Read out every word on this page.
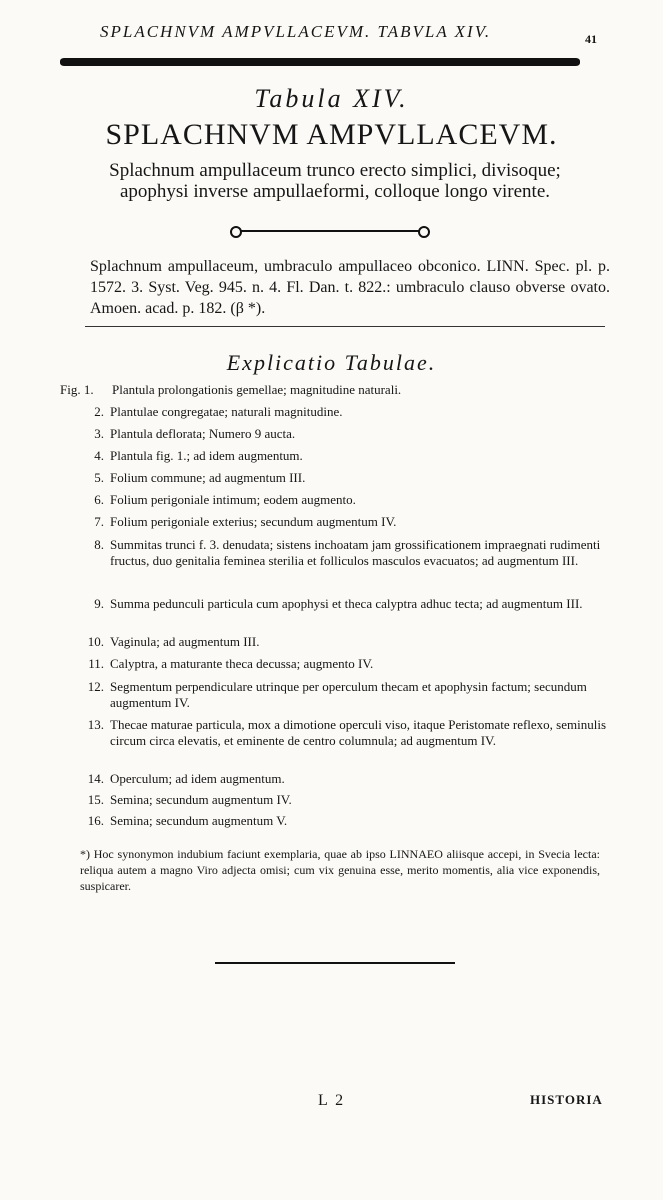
SPLACHNVM AMPVLLACEVM. TABVLA XIV.	41
Tabula XIV.
SPLACHNVM AMPVLLACEVM.
Splachnum ampullaceum trunco erecto simplici, divisoque; apophysi inverse ampullaeformi, colloque longo virente.
Splachnum ampullaceum, umbraculo ampullaceo obconico. LINN. Spec. pl. p. 1572. 3. Syst. Veg. 945. n. 4. Fl. Dan. t. 822.: umbraculo clauso obverse ovato. Amoen. acad. p. 182. (β *).
Explicatio Tabulae.
Fig. 1.	Plantula prolongationis gemellae; magnitudine naturali.
2. Plantulae congregatae; naturali magnitudine.
3. Plantula deflorata; Numero 9 aucta.
4. Plantula fig. 1.; ad idem augmentum.
5. Folium commune; ad augmentum III.
6. Folium perigoniale intimum; eodem augmento.
7. Folium perigoniale exterius; secundum augmentum IV.
8. Summitas trunci f. 3. denudata; sistens inchoatam jam grossificationem impraegnati rudimenti fructus, duo genitalia feminea sterilia et folliculos masculos evacuatos; ad augmentum III.
9. Summa pedunculi particula cum apophysi et theca calyptra adhuc tecta; ad augmentum III.
10. Vaginula; ad augmentum III.
11. Calyptra, a maturante theca decussa; augmento IV.
12. Segmentum perpendiculare utrinque per operculum thecam et apophysin factum; secundum augmentum IV.
13. Thecae maturae particula, mox a dimotione operculi viso, itaque Peristomate reflexo, seminulis circum circa elevatis, et eminente de centro columnula; ad augmentum IV.
14. Operculum; ad idem augmentum.
15. Semina; secundum augmentum IV.
16. Semina; secundum augmentum V.
*) Hoc synonymon indubium faciunt exemplaria, quae ab ipso LINNAEO aliisque accepi, in Svecia lecta: reliqua autem a magno Viro adjecta omisi; cum vix genuina esse, merito momentis, alia vice exponendis, suspicarer.
L 2	HISTORIA
